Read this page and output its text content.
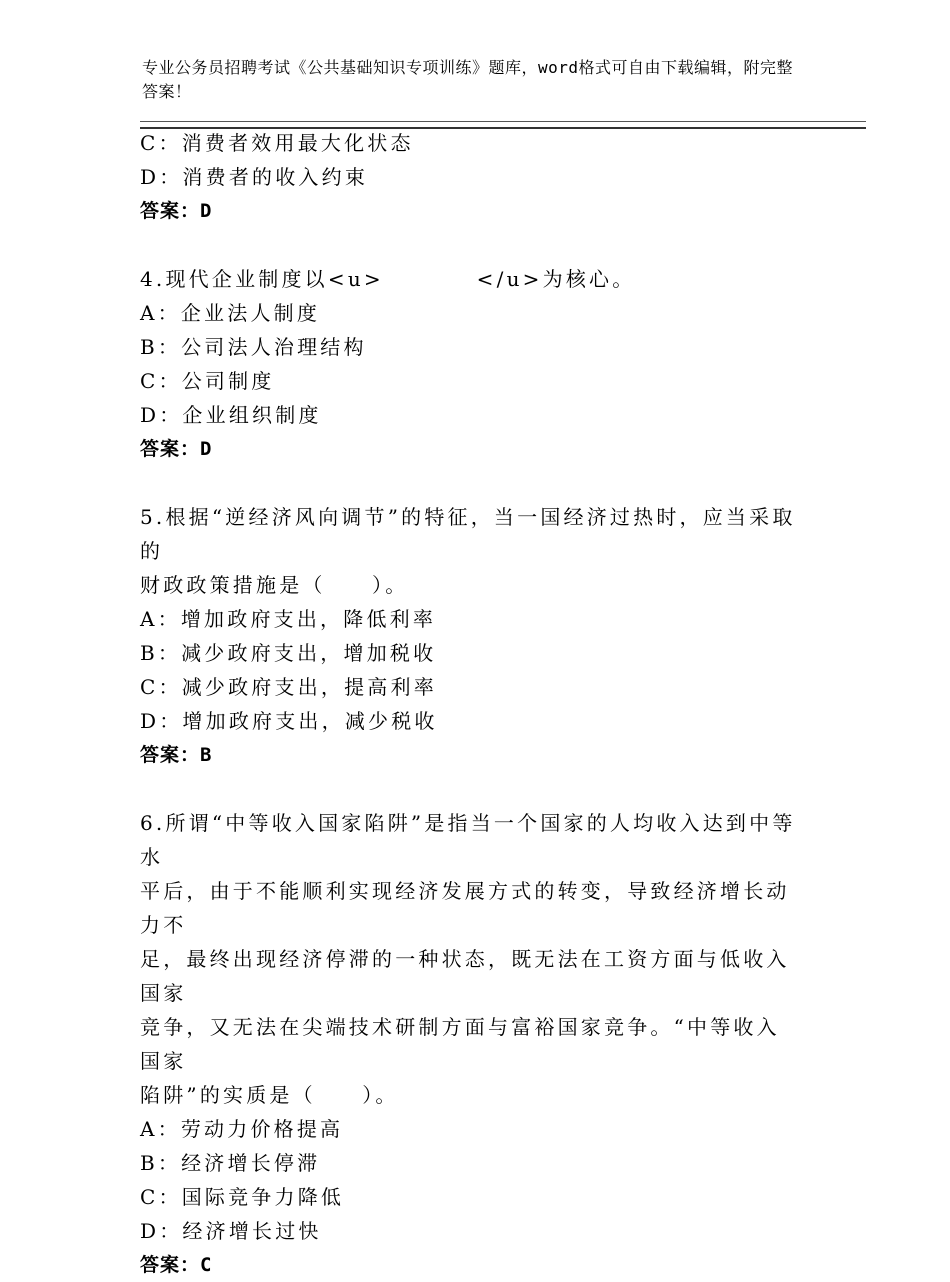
专业公务员招聘考试《公共基础知识专项训练》题库，word格式可自由下载编辑，附完整答案！

C：消费者效用最大化状态

D：消费者的收入约束

答案：D

4.现代企业制度以<u>　　　　</u>为核心。

A：企业法人制度

B：公司法人治理结构

C：公司制度

D：企业组织制度

答案：D

5.根据“逆经济风向调节”的特征，当一国经济过热时，应当采取的

财政政策措施是（　　）。

A：增加政府支出，降低利率

B：减少政府支出，增加税收

C：减少政府支出，提高利率

D：增加政府支出，减少税收

答案：B

6.所谓“中等收入国家陷阱”是指当一个国家的人均收入达到中等水

平后，由于不能顺利实现经济发展方式的转变，导致经济增长动力不

足，最终出现经济停滞的一种状态，既无法在工资方面与低收入国家

竞争，又无法在尖端技术研制方面与富裕国家竞争。“中等收入国家

陷阱”的实质是（　　）。

A：劳动力价格提高

B：经济增长停滞

C：国际竞争力降低

D：经济增长过快

答案：C
